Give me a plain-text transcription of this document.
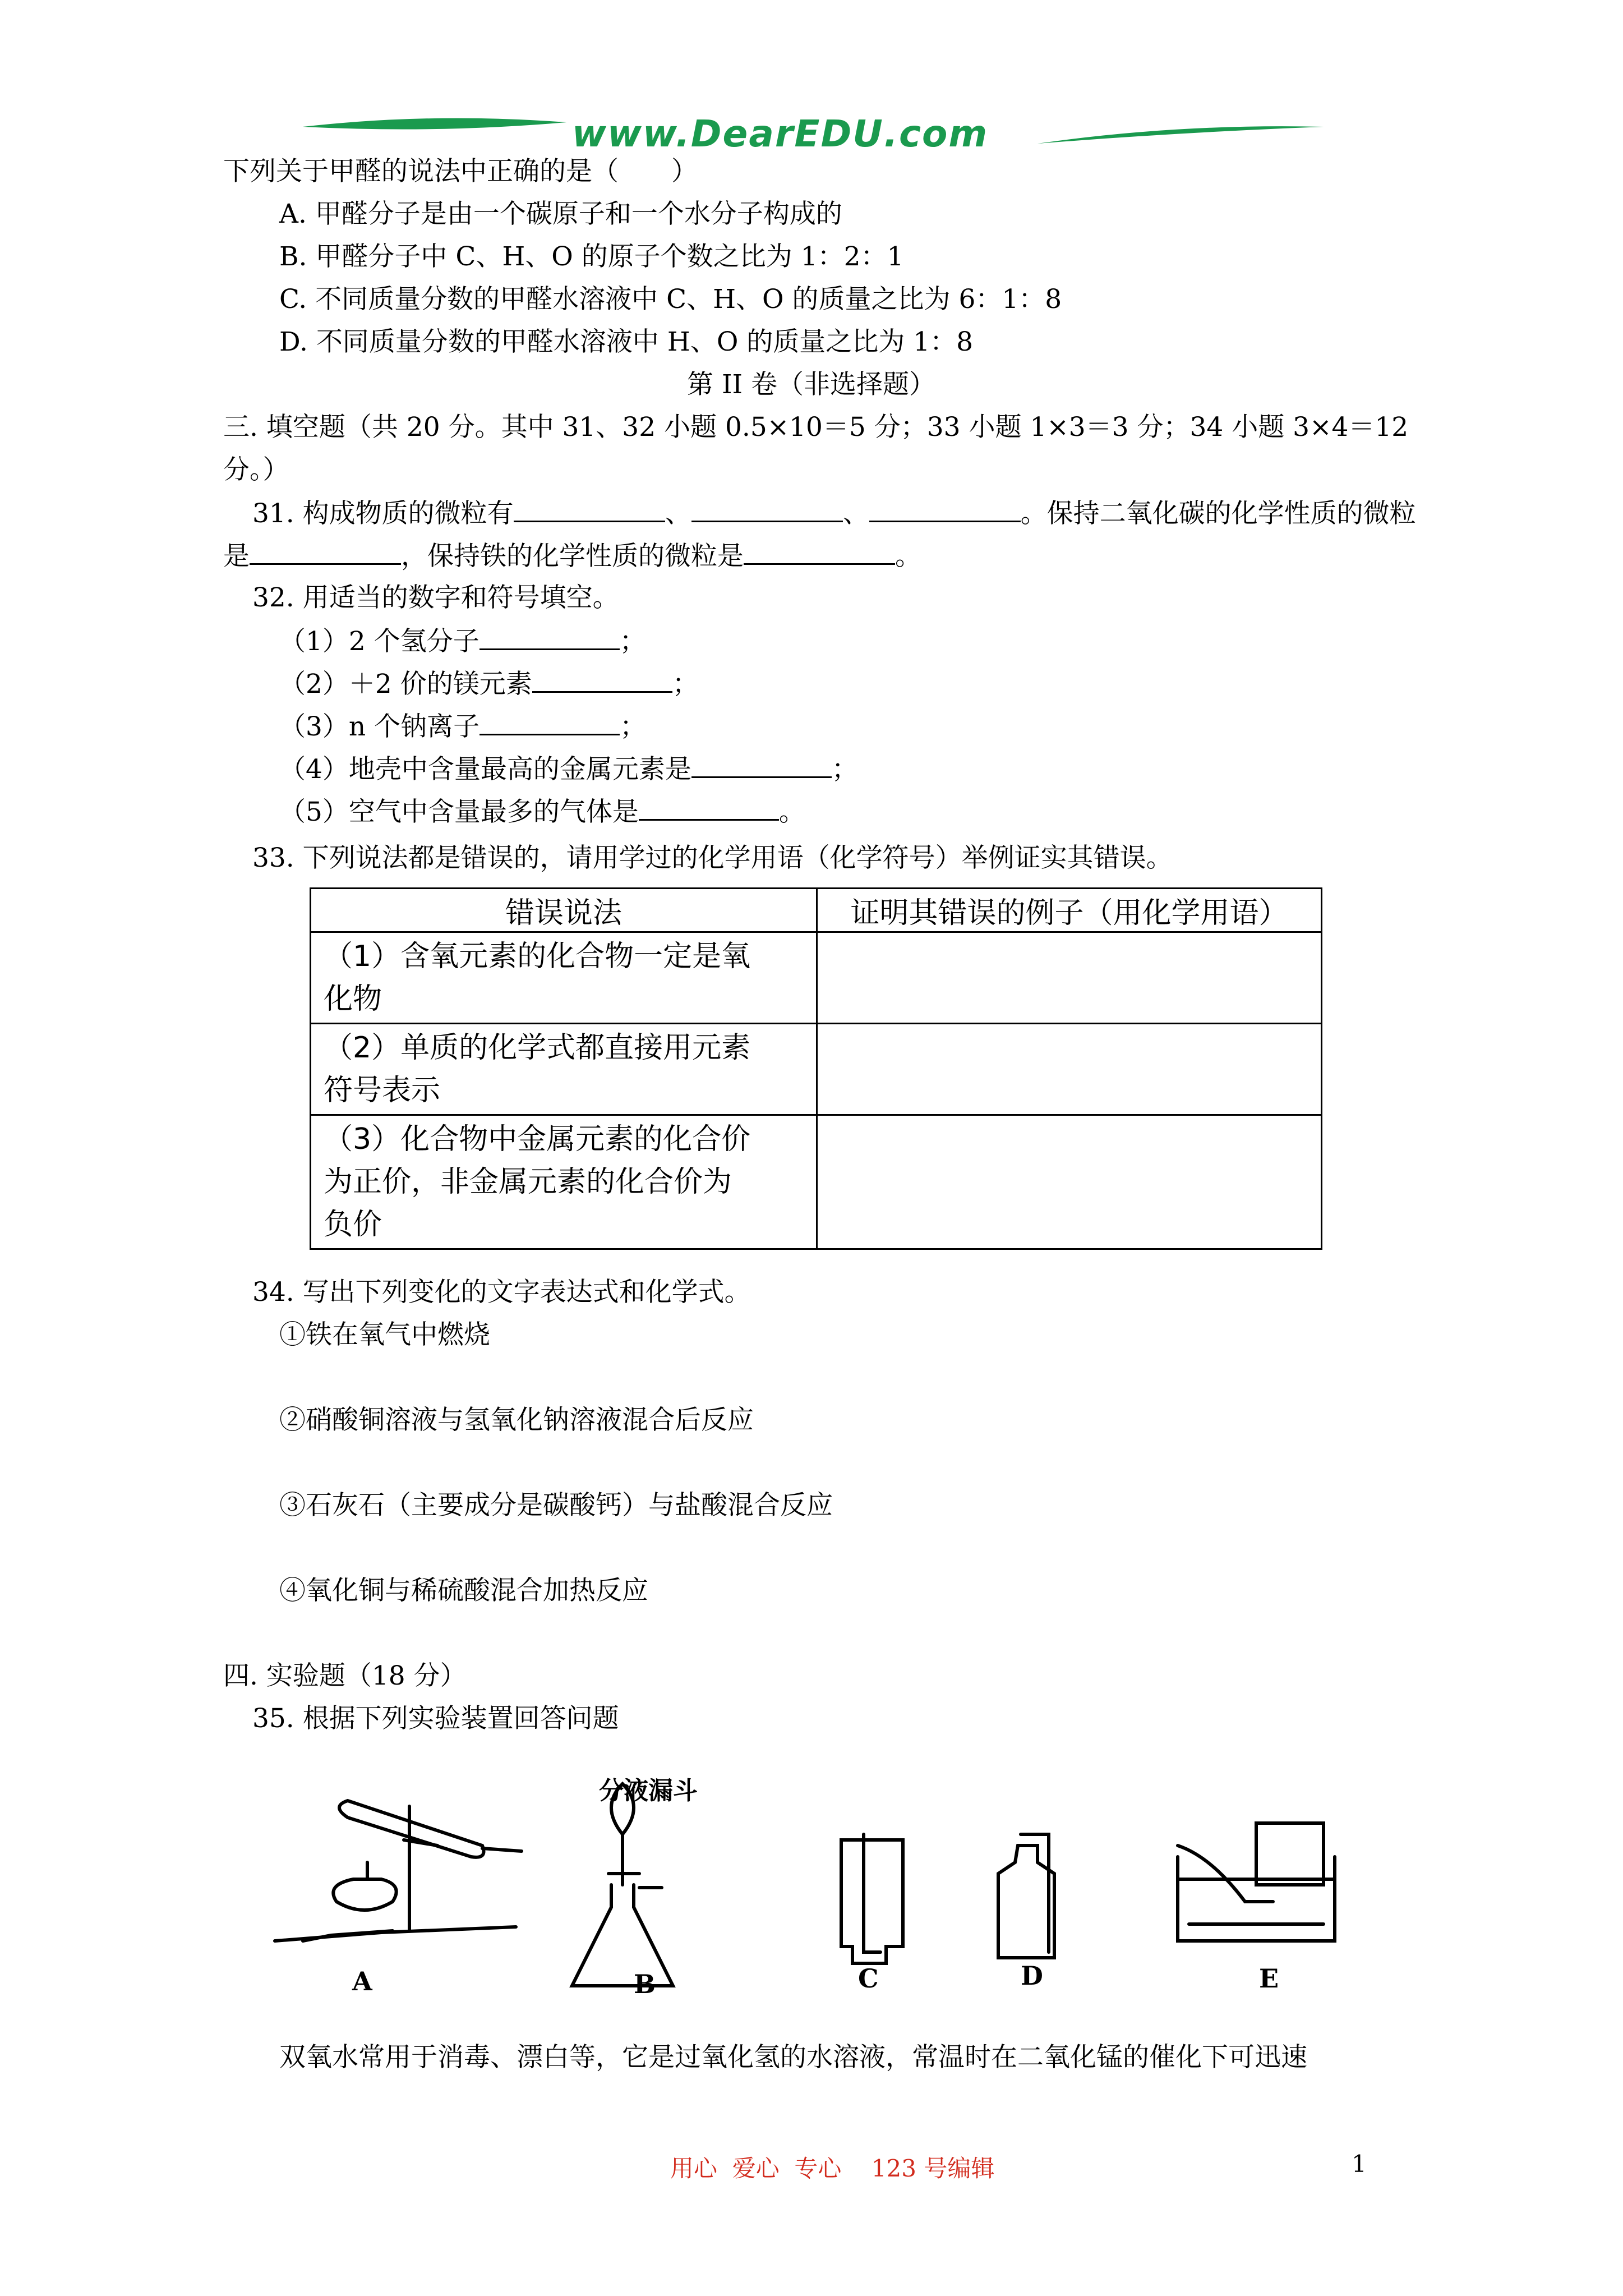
www.DearEDU.com
下列关于甲醛的说法中正确的是（　　）
A. 甲醛分子是由一个碳原子和一个水分子构成的
B. 甲醛分子中 C、H、O 的原子个数之比为 1：2：1
C. 不同质量分数的甲醛水溶液中 C、H、O 的质量之比为 6：1：8
D. 不同质量分数的甲醛水溶液中 H、O 的质量之比为 1：8
第 II 卷（非选择题）
三. 填空题（共 20 分。其中 31、32 小题 0.5×10＝5 分；33 小题 1×3＝3 分；34 小题 3×4＝12
分。）
31. 构成物质的微粒有	、	、	。保持二氧化碳的化学性质的微粒
是	，保持铁的化学性质的微粒是	。
32. 用适当的数字和符号填空。
（1）2 个氢分子	；
（2）＋2 价的镁元素	；
（3）n 个钠离子	；
（4）地壳中含量最高的金属元素是	；
（5）空气中含量最多的气体是	。
33. 下列说法都是错误的，请用学过的化学用语（化学符号）举例证实其错误。
错误说法	证明其错误的例子（用化学用语）

（1）含氧元素的化合物一定是氧
化物	

（2）单质的化学式都直接用元素
符号表示	

（3）化合物中金属元素的化合价
为正价，非金属元素的化合价为
负价	

34. 写出下列变化的文字表达式和化学式。
①铁在氧气中燃烧
②硝酸铜溶液与氢氧化钠溶液混合后反应
③石灰石（主要成分是碳酸钙）与盐酸混合反应
④氧化铜与稀硫酸混合加热反应
四. 实验题（18 分）
35. 根据下列实验装置回答问题
分液漏斗
A	B	C	D	E
双氧水常用于消毒、漂白等，它是过氧化氢的水溶液，常温时在二氧化锰的催化下可迅速
用心  爱心  专心    123 号编辑	1
